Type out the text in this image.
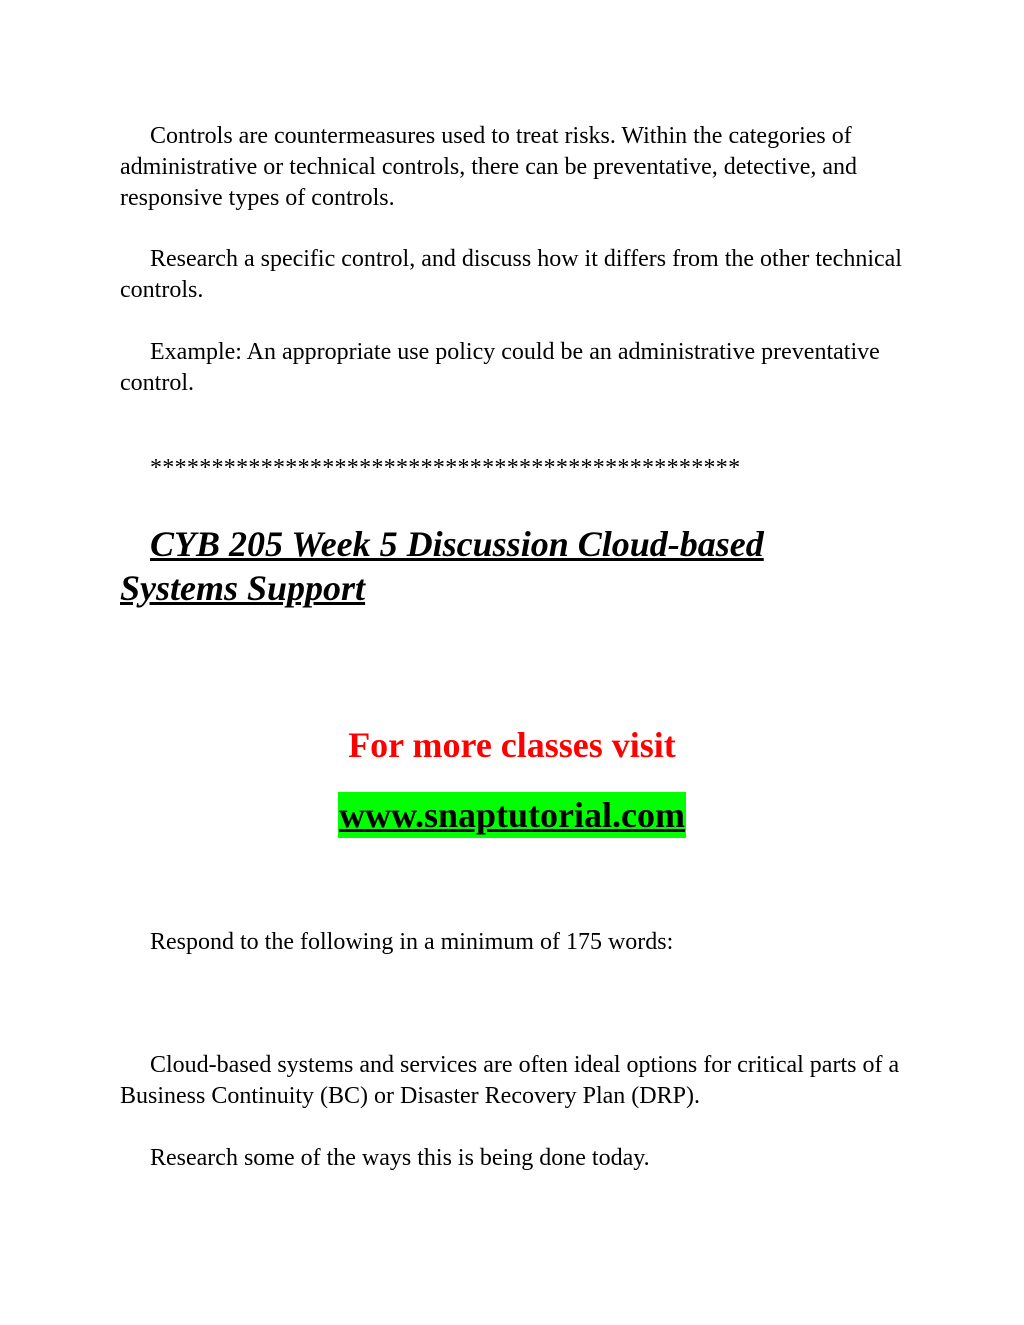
Controls are countermeasures used to treat risks. Within the categories of administrative or technical controls, there can be preventative, detective, and responsive types of controls.

Research a specific control, and discuss how it differs from the other technical controls.

Example: An appropriate use policy could be an administrative preventative control.

************************************************

CYB 205 Week 5 Discussion Cloud-based Systems Support

For more classes visit

www.snaptutorial.com

Respond to the following in a minimum of 175 words:

Cloud-based systems and services are often ideal options for critical parts of a Business Continuity (BC) or Disaster Recovery Plan (DRP).

Research some of the ways this is being done today.
